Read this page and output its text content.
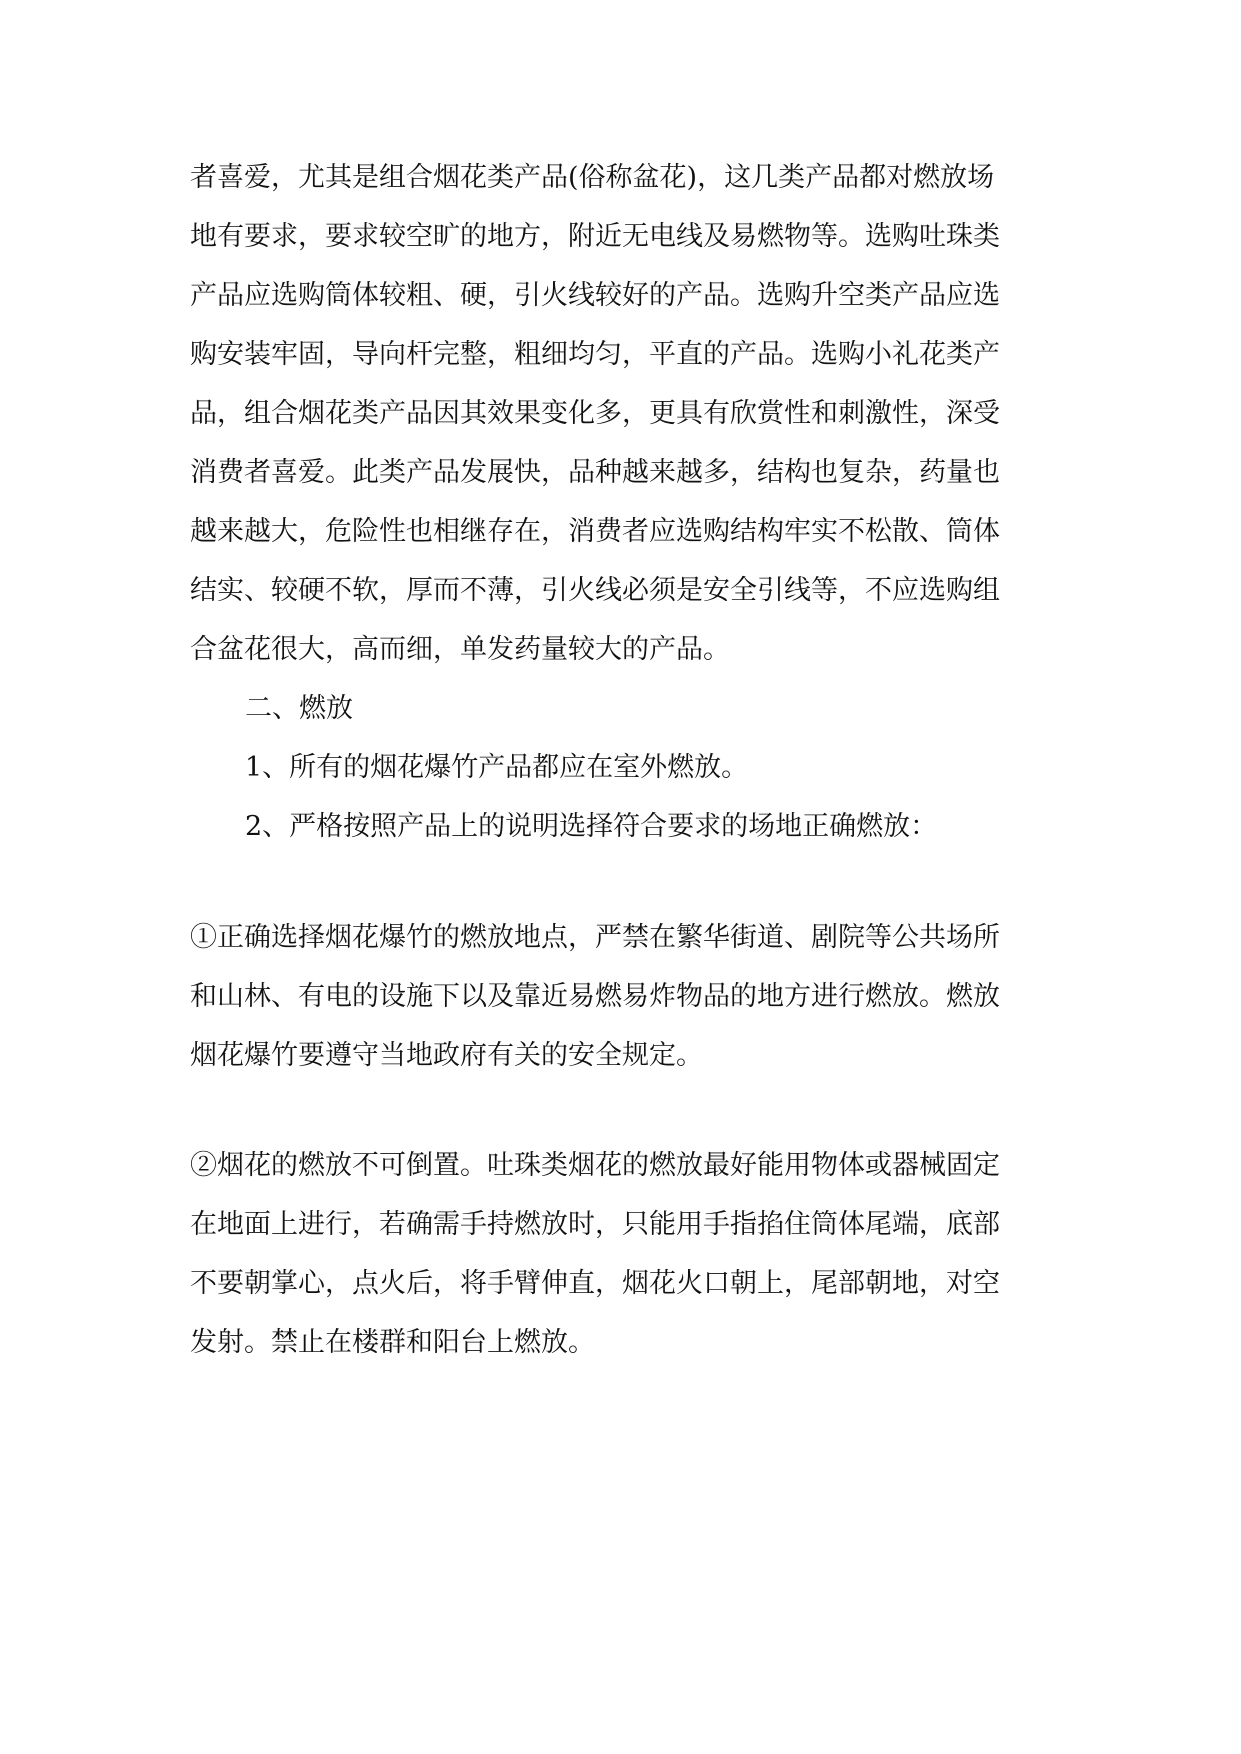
者喜爱，尤其是组合烟花类产品(俗称盆花)，这几类产品都对燃放场
地有要求，要求较空旷的地方，附近无电线及易燃物等。选购吐珠类
产品应选购筒体较粗、硬，引火线较好的产品。选购升空类产品应选
购安装牢固，导向杆完整，粗细均匀，平直的产品。选购小礼花类产
品，组合烟花类产品因其效果变化多，更具有欣赏性和刺激性，深受
消费者喜爱。此类产品发展快，品种越来越多，结构也复杂，药量也
越来越大，危险性也相继存在，消费者应选购结构牢实不松散、筒体
结实、较硬不软，厚而不薄，引火线必须是安全引线等，不应选购组
合盆花很大，高而细，单发药量较大的产品。
二、燃放
1、所有的烟花爆竹产品都应在室外燃放。
2、严格按照产品上的说明选择符合要求的场地正确燃放：
①正确选择烟花爆竹的燃放地点，严禁在繁华街道、剧院等公共场所
和山林、有电的设施下以及靠近易燃易炸物品的地方进行燃放。燃放
烟花爆竹要遵守当地政府有关的安全规定。
②烟花的燃放不可倒置。吐珠类烟花的燃放最好能用物体或器械固定
在地面上进行，若确需手持燃放时，只能用手指掐住筒体尾端，底部
不要朝掌心，点火后，将手臂伸直，烟花火口朝上，尾部朝地，对空
发射。禁止在楼群和阳台上燃放。
